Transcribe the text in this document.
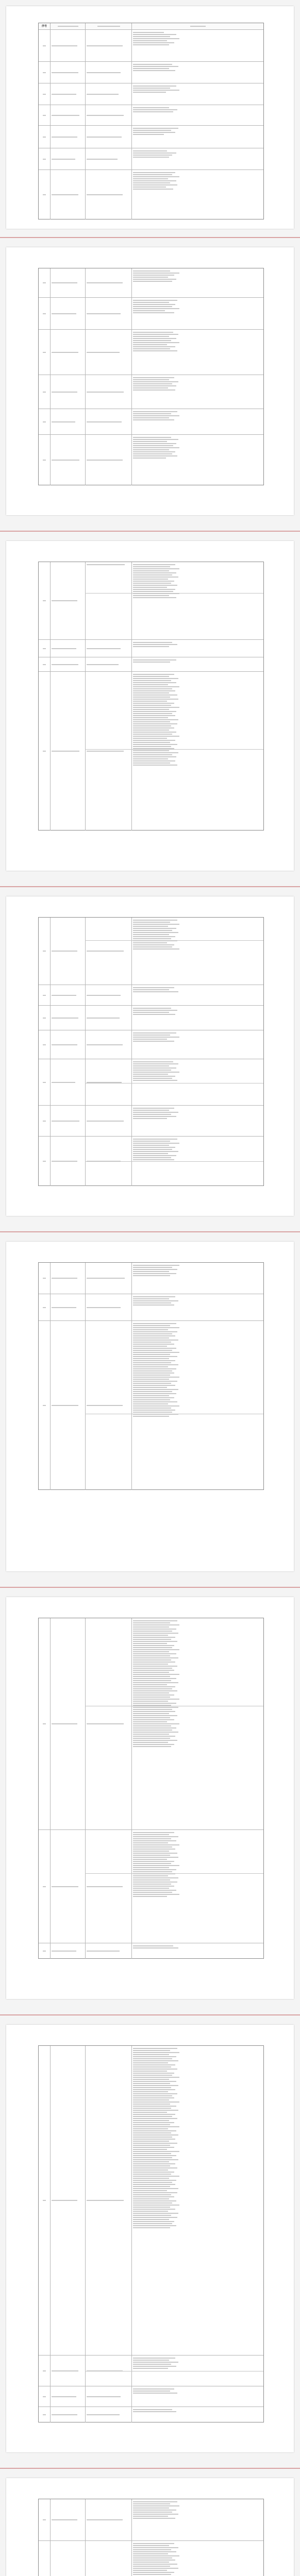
序号
